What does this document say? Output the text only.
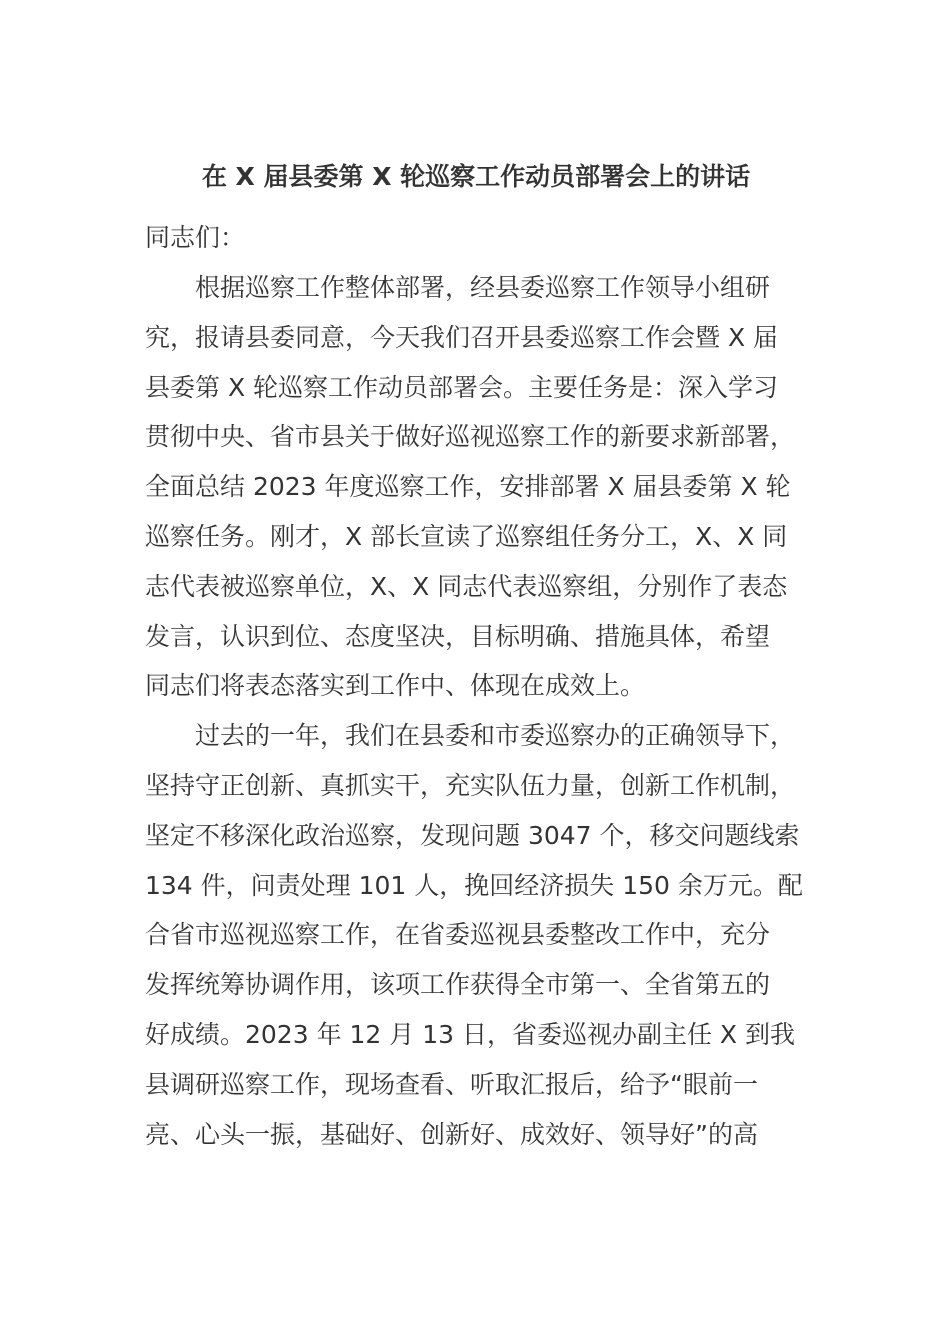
在 X 届县委第 X 轮巡察工作动员部署会上的讲话

同志们：

根据巡察工作整体部署，经县委巡察工作领导小组研
究，报请县委同意，今天我们召开县委巡察工作会暨 X 届
县委第 X 轮巡察工作动员部署会。主要任务是：深入学习
贯彻中央、省市县关于做好巡视巡察工作的新要求新部署，
全面总结 2023 年度巡察工作，安排部署 X 届县委第 X 轮
巡察任务。刚才，X 部长宣读了巡察组任务分工，X、X 同
志代表被巡察单位，X、X 同志代表巡察组，分别作了表态
发言，认识到位、态度坚决，目标明确、措施具体，希望
同志们将表态落实到工作中、体现在成效上。
过去的一年，我们在县委和市委巡察办的正确领导下，
坚持守正创新、真抓实干，充实队伍力量，创新工作机制，
坚定不移深化政治巡察，发现问题 3047 个，移交问题线索
134 件，问责处理 101 人，挽回经济损失 150 余万元。配
合省市巡视巡察工作，在省委巡视县委整改工作中，充分
发挥统筹协调作用，该项工作获得全市第一、全省第五的
好成绩。2023 年 12 月 13 日，省委巡视办副主任 X 到我
县调研巡察工作，现场查看、听取汇报后，给予“眼前一
亮、心头一振，基础好、创新好、成效好、领导好”的高
